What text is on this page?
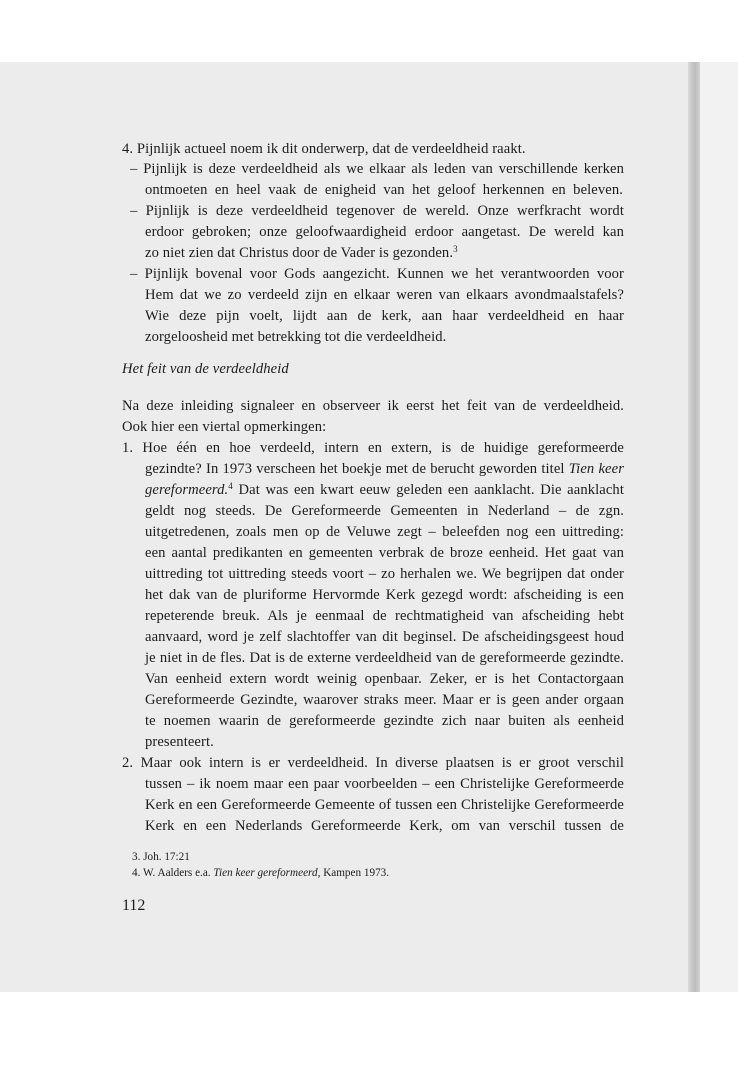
4. Pijnlijk actueel noem ik dit onderwerp, dat de verdeeldheid raakt.
– Pijnlijk is deze verdeeldheid als we elkaar als leden van verschillende kerken
ontmoeten en heel vaak de enigheid van het geloof herkennen en beleven.
– Pijnlijk is deze verdeeldheid tegenover de wereld. Onze werfkracht wordt
erdoor gebroken; onze geloofwaardigheid erdoor aangetast. De wereld kan
zo niet zien dat Christus door de Vader is gezonden.$^3$
– Pijnlijk bovenal voor Gods aangezicht. Kunnen we het verantwoorden voor
Hem dat we zo verdeeld zijn en elkaar weren van elkaars avondmaalstafels?
Wie deze pijn voelt, lijdt aan de kerk, aan haar verdeeldheid en haar
zorgeloosheid met betrekking tot die verdeeldheid.
Het feit van de verdeeldheid
Na deze inleiding signaleer en observeer ik eerst het feit van de verdeeldheid.
Ook hier een viertal opmerkingen:
1. Hoe één en hoe verdeeld, intern en extern, is de huidige gereformeerde
gezindte? In 1973 verscheen het boekje met de berucht geworden titel Tien keer
gereformeerd.$^4$ Dat was een kwart eeuw geleden een aanklacht. Die aanklacht
geldt nog steeds. De Gereformeerde Gemeenten in Nederland – de zgn.
uitgetredenen, zoals men op de Veluwe zegt – beleefden nog een uittreding:
een aantal predikanten en gemeenten verbrak de broze eenheid. Het gaat van
uittreding tot uittreding steeds voort – zo herhalen we. We begrijpen dat onder
het dak van de pluriforme Hervormde Kerk gezegd wordt: afscheiding is een
repeterende breuk. Als je eenmaal de rechtmatigheid van afscheiding hebt
aanvaard, word je zelf slachtoffer van dit beginsel. De afscheidingsgeest houd
je niet in de fles. Dat is de externe verdeeldheid van de gereformeerde gezindte.
Van eenheid extern wordt weinig openbaar. Zeker, er is het Contactorgaan
Gereformeerde Gezindte, waarover straks meer. Maar er is geen ander orgaan
te noemen waarin de gereformeerde gezindte zich naar buiten als eenheid
presenteert.
2. Maar ook intern is er verdeeldheid. In diverse plaatsen is er groot verschil
tussen – ik noem maar een paar voorbeelden – een Christelijke Gereformeerde
Kerk en een Gereformeerde Gemeente of tussen een Christelijke Gereformeerde
Kerk en een Nederlands Gereformeerde Kerk, om van verschil tussen de
3. Joh. 17:21
4. W. Aalders e.a. Tien keer gereformeerd, Kampen 1973.
112
